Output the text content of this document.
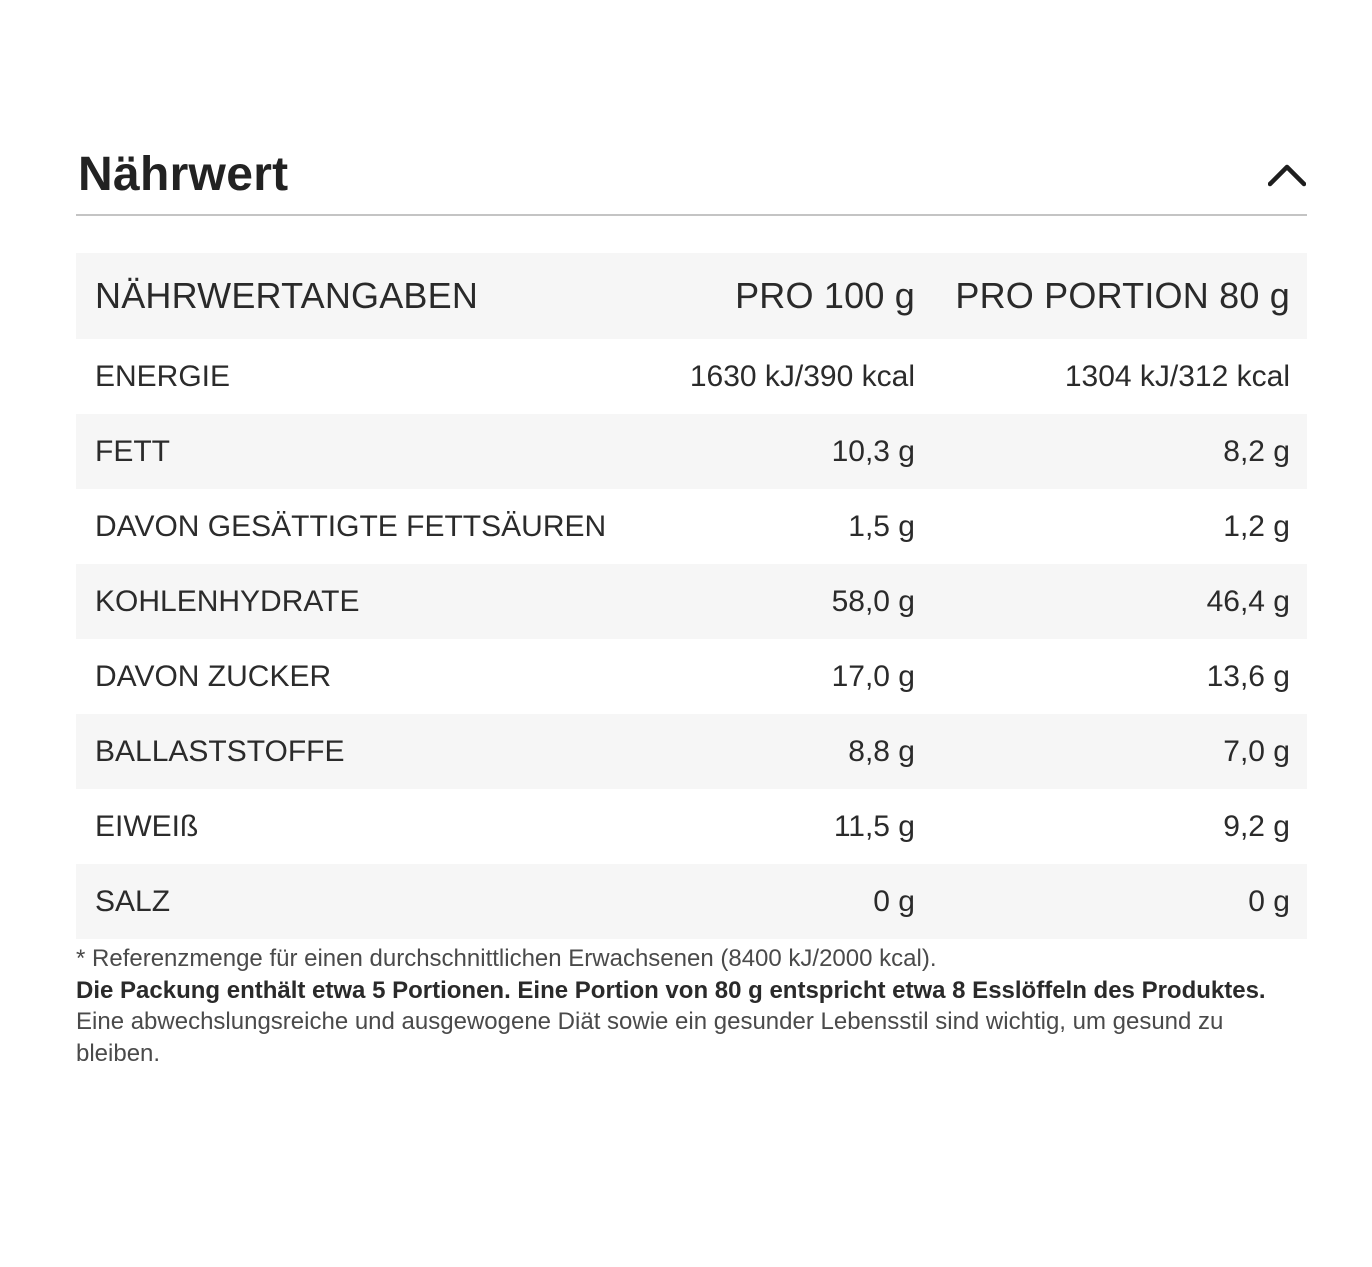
Nährwert
NÄHRWERTANGABEN	PRO 100 g	PRO PORTION 80 g
ENERGIE	1630 kJ/390 kcal	1304 kJ/312 kcal
FETT	10,3 g	8,2 g
DAVON GESÄTTIGTE FETTSÄUREN	1,5 g	1,2 g
KOHLENHYDRATE	58,0 g	46,4 g
DAVON ZUCKER	17,0 g	13,6 g
BALLASTSTOFFE	8,8 g	7,0 g
EIWEIß	11,5 g	9,2 g
SALZ	0 g	0 g
* Referenzmenge für einen durchschnittlichen Erwachsenen (8400 kJ/2000 kcal).
Die Packung enthält etwa 5 Portionen. Eine Portion von 80 g entspricht etwa 8 Esslöffeln des Produktes.
Eine abwechslungsreiche und ausgewogene Diät sowie ein gesunder Lebensstil sind wichtig, um gesund zu bleiben.
